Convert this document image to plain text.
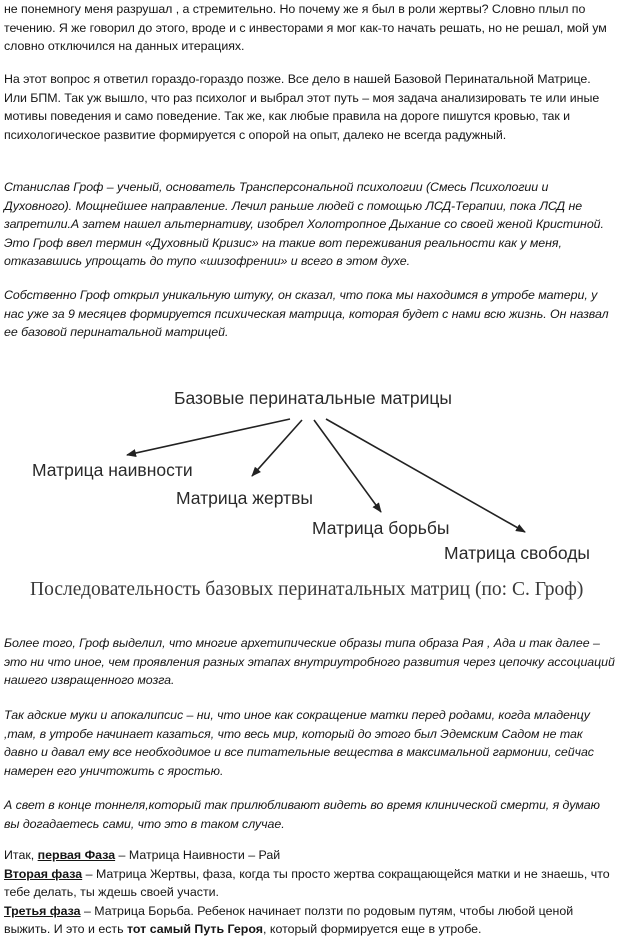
не понемногу меня разрушал , а стремительно. Но почему же я был в роли жертвы? Словно плыл по течению. Я же говорил до этого, вроде и с инвесторами я мог как-то начать решать, но не решал, мой ум словно отключился на данных итерациях.

На этот вопрос я ответил гораздо-гораздо позже. Все дело в нашей Базовой Перинатальной Матрице. Или БПМ. Так уж вышло, что раз психолог и выбрал этот путь – моя задача анализировать те или иные мотивы поведения и само поведение. Так же, как любые правила на дороге пишутся кровью, так и психологическое развитие формируется с опорой на опыт, далеко не всегда радужный.

Станислав Гроф – ученый, основатель Трансперсональной психологии (Смесь Психологии и Духовного). Мощнейшее направление. Лечил раньше людей с помощью ЛСД-Терапии, пока ЛСД не запретили.А затем нашел альтернативу, изобрел Холотропное Дыхание со своей женой Кристиной. Это Гроф ввел термин «Духовный Кризис» на такие вот переживания реальности как у меня, отказавшись упрощать до тупо «шизофрении» и всего в этом духе.

Собственно Гроф открыл уникальную штуку, он сказал, что пока мы находимся в утробе матери, у нас уже за 9 месяцев формируется психическая матрица, которая будет с нами всю жизнь. Он назвал ее базовой перинатальной матрицей.

Базовые перинатальные матрицы
Матрица наивности
Матрица жертвы
Матрица борьбы
Матрица свободы
Последовательность базовых перинатальных матриц (по: С. Гроф)

Более того, Гроф выделил, что многие архетипические образы типа образа Рая , Ада и так далее – это ни что иное, чем проявления разных этапах внутриутробного развития через цепочку ассоциаций нашего извращенного мозга.

Так адские муки и апокалипсис – ни, что иное как сокращение матки перед родами, когда младенцу ,там, в утробе начинает казаться, что весь мир, который до этого был Эдемским Садом не так давно и давал ему все необходимое и все питательные вещества в максимальной гармонии, сейчас намерен его уничтожить с яростью.

А свет в конце тоннеля,который так прилюбливают видеть во время клинической смерти, я думаю вы догадаетесь сами, что это в таком случае.

Итак, первая Фаза – Матрица Наивности – Рай

Вторая фаза – Матрица Жертвы, фаза, когда ты просто жертва сокращающейся матки и не знаешь, что тебе делать, ты ждешь своей участи.

Третья фаза – Матрица Борьба. Ребенок начинает ползти по родовым путям, чтобы любой ценой выжить. И это и есть тот самый Путь Героя, который формируется еще в утробе.
